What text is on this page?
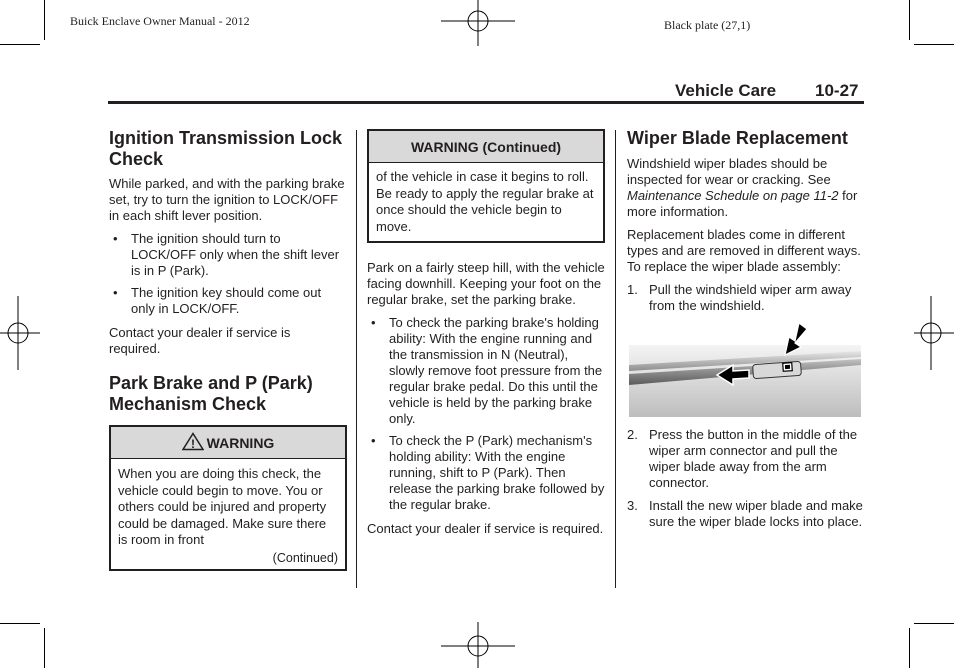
Buick Enclave Owner Manual - 2012	Black plate (27,1)
Vehicle Care 10-27
Ignition Transmission Lock Check

While parked, and with the parking brake set, try to turn the ignition to LOCK/OFF in each shift lever position.

• The ignition should turn to LOCK/OFF only when the shift lever is in P (Park).
• The ignition key should come out only in LOCK/OFF.

Contact your dealer if service is required.

Park Brake and P (Park) Mechanism Check
! WARNING
When you are doing this check, the vehicle could begin to move. You or others could be injured and property could be damaged. Make sure there is room in front
(Continued)
WARNING (Continued)
of the vehicle in case it begins to roll. Be ready to apply the regular brake at once should the vehicle begin to move.

Park on a fairly steep hill, with the vehicle facing downhill. Keeping your foot on the regular brake, set the parking brake.

• To check the parking brake's holding ability: With the engine running and the transmission in N (Neutral), slowly remove foot pressure from the regular brake pedal. Do this until the vehicle is held by the parking brake only.
• To check the P (Park) mechanism's holding ability: With the engine running, shift to P (Park). Then release the parking brake followed by the regular brake.

Contact your dealer if service is required.

Wiper Blade Replacement

Windshield wiper blades should be inspected for wear or cracking. See Maintenance Schedule on page 11-2 for more information.

Replacement blades come in different types and are removed in different ways. To replace the wiper blade assembly:

1. Pull the windshield wiper arm away from the windshield.
2. Press the button in the middle of the wiper arm connector and pull the wiper blade away from the arm connector.
3. Install the new wiper blade and make sure the wiper blade locks into place.
